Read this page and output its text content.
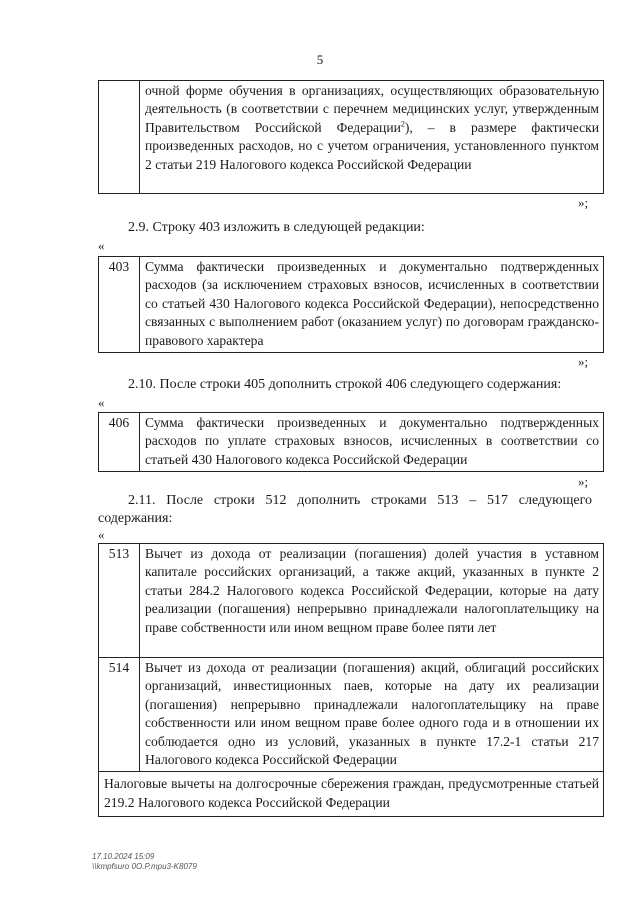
5
	очной форме обучения в организациях, осуществляющих образовательную деятельность (в соответствии с перечнем медицинских услуг, утвержденным Правительством Российской Федерации$^2$), – в размере фактически произведенных расходов, но с учетом ограничения, установленного пунктом 2 статьи 219 Налогового кодекса Российской Федерации
»;
2.9. Строку 403 изложить в следующей редакции:
«
403	Сумма фактически произведенных и документально подтвержденных расходов (за исключением страховых взносов, исчисленных в соответствии со статьей 430 Налогового кодекса Российской Федерации), непосредственно связанных с выполнением работ (оказанием услуг) по договорам гражданско-правового характера
»;
2.10. После строки 405 дополнить строкой 406 следующего содержания:
«
406	Сумма фактически произведенных и документально подтвержденных расходов по уплате страховых взносов, исчисленных в соответствии со статьей 430 Налогового кодекса Российской Федерации
»;
2.11. После строки 512 дополнить строками 513 – 517 следующего содержания:
«
513	Вычет из дохода от реализации (погашения) долей участия в уставном капитале российских организаций, а также акций, указанных в пункте 2 статьи 284.2 Налогового кодекса Российской Федерации, которые на дату реализации (погашения) непрерывно принадлежали налогоплательщику на праве собственности или ином вещном праве более пяти лет
514	Вычет из дохода от реализации (погашения) акций, облигаций российских организаций, инвестиционных паев, которые на дату их реализации (погашения) непрерывно принадлежали налогоплательщику на праве собственности или ином вещном праве более одного года и в отношении их соблюдается одно из условий, указанных в пункте 17.2-1 статьи 217 Налогового кодекса Российской Федерации
Налоговые вычеты на долгосрочные сбережения граждан, предусмотренные статьей 219.2 Налогового кодекса Российской Федерации	
17.10.2024 15:09
\\kmpfsuro 0O.P.mpu3-K8079
